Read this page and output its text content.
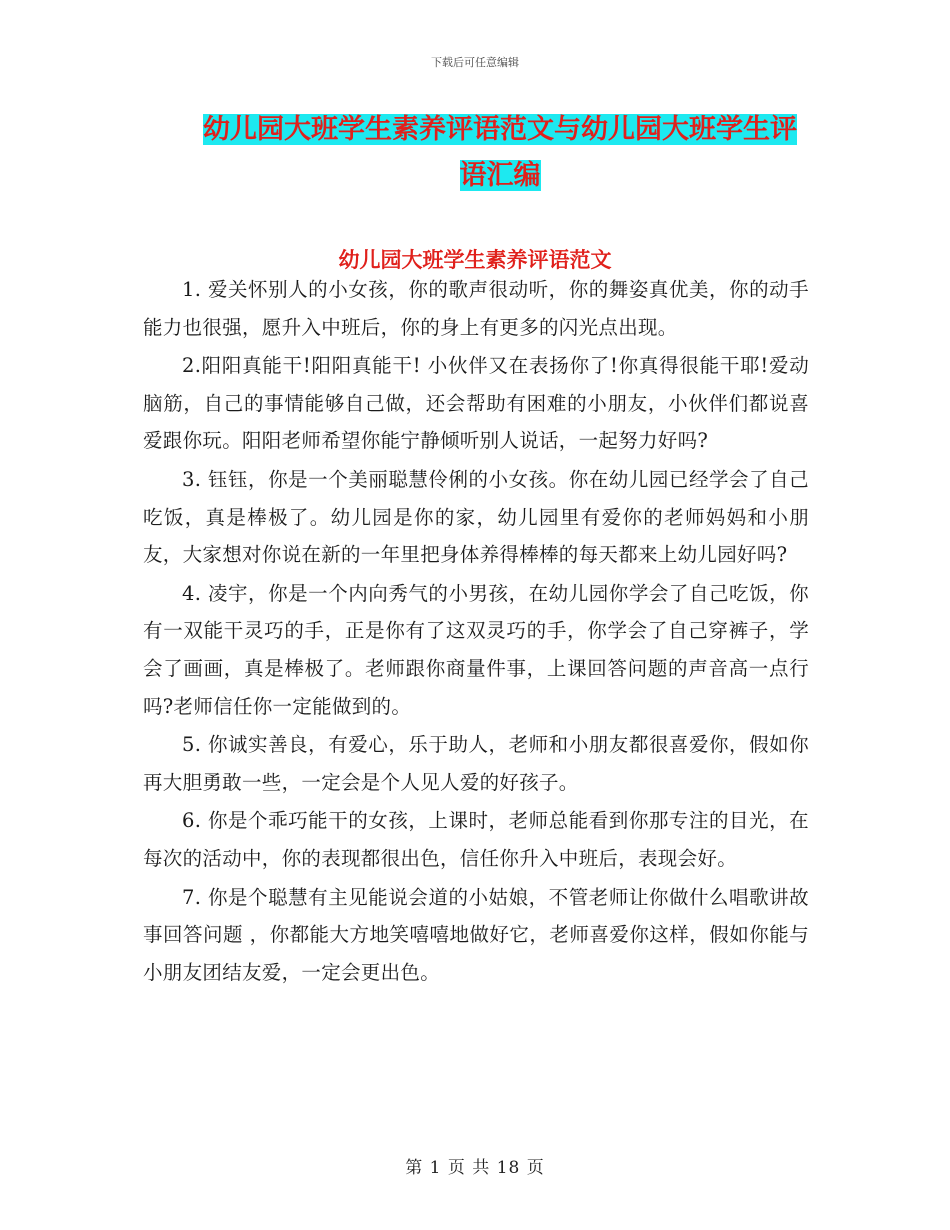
下载后可任意编辑
幼儿园大班学生素养评语范文与幼儿园大班学生评语汇编
幼儿园大班学生素养评语范文

1. 爱关怀别人的小女孩，你的歌声很动听，你的舞姿真优美，你的动手能力也很强，愿升入中班后，你的身上有更多的闪光点出现。

2.阳阳真能干!阳阳真能干! 小伙伴又在表扬你了!你真得很能干耶!爱动脑筋，自己的事情能够自己做，还会帮助有困难的小朋友，小伙伴们都说喜爱跟你玩。阳阳老师希望你能宁静倾听别人说话，一起努力好吗?

3. 钰钰，你是一个美丽聪慧伶俐的小女孩。你在幼儿园已经学会了自己吃饭，真是棒极了。幼儿园是你的家，幼儿园里有爱你的老师妈妈和小朋友，大家想对你说在新的一年里把身体养得棒棒的每天都来上幼儿园好吗?

4. 凌宇，你是一个内向秀气的小男孩，在幼儿园你学会了自己吃饭，你有一双能干灵巧的手，正是你有了这双灵巧的手，你学会了自己穿裤子，学会了画画，真是棒极了。老师跟你商量件事，上课回答问题的声音高一点行吗?老师信任你一定能做到的。

5. 你诚实善良，有爱心，乐于助人，老师和小朋友都很喜爱你，假如你再大胆勇敢一些，一定会是个人见人爱的好孩子。

6. 你是个乖巧能干的女孩，上课时，老师总能看到你那专注的目光，在每次的活动中，你的表现都很出色，信任你升入中班后，表现会好。

7. 你是个聪慧有主见能说会道的小姑娘，不管老师让你做什么唱歌讲故事回答问题 ，你都能大方地笑嘻嘻地做好它，老师喜爱你这样，假如你能与小朋友团结友爱，一定会更出色。

第 1 页 共 18 页
